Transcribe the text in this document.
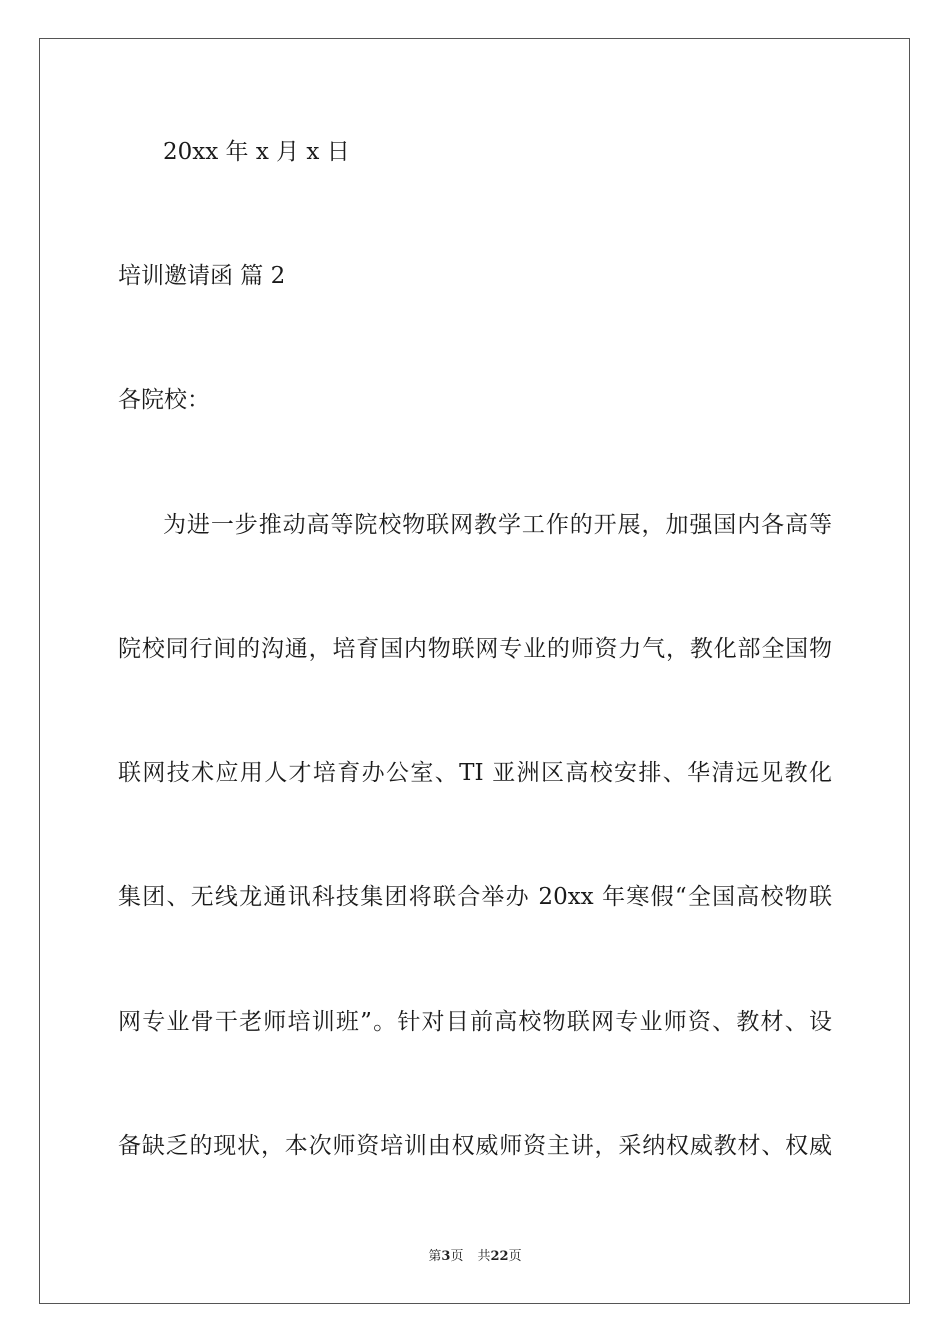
20xx 年 x 月 x 日

培训邀请函 篇 2

各院校：

为进一步推动高等院校物联网教学工作的开展，加强国内各高等

院校同行间的沟通，培育国内物联网专业的师资力气，教化部全国物

联网技术应用人才培育办公室、TI 亚洲区高校安排、华清远见教化

集团、无线龙通讯科技集团将联合举办 20xx 年寒假“全国高校物联

网专业骨干老师培训班”。针对目前高校物联网专业师资、教材、设

备缺乏的现状，本次师资培训由权威师资主讲，采纳权威教材、权威

第3页 共22页
